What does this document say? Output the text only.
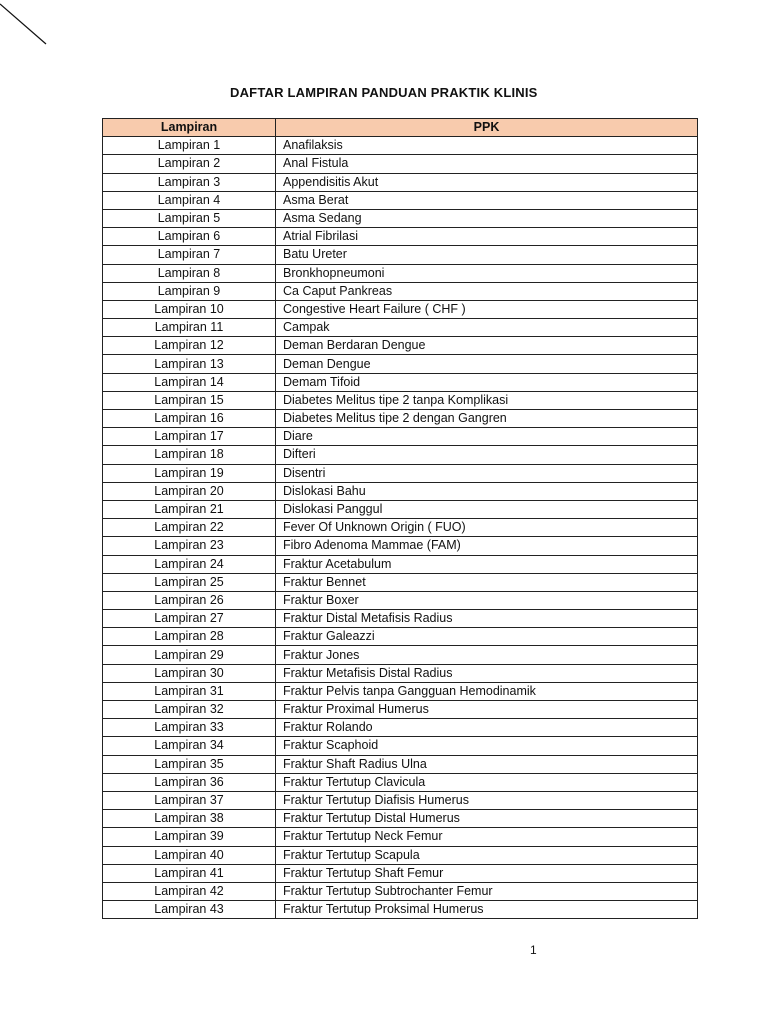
DAFTAR LAMPIRAN PANDUAN PRAKTIK KLINIS
Lampiran	PPK
Lampiran 1	Anafilaksis
Lampiran 2	Anal Fistula
Lampiran 3	Appendisitis Akut
Lampiran 4	Asma Berat
Lampiran 5	Asma Sedang
Lampiran 6	Atrial Fibrilasi
Lampiran 7	Batu Ureter
Lampiran 8	Bronkhopneumoni
Lampiran 9	Ca Caput Pankreas
Lampiran 10	Congestive Heart Failure ( CHF )
Lampiran 11	Campak
Lampiran 12	Deman Berdaran Dengue
Lampiran 13	Deman Dengue
Lampiran 14	Demam Tifoid
Lampiran 15	Diabetes Melitus tipe 2 tanpa Komplikasi
Lampiran 16	Diabetes Melitus tipe 2 dengan Gangren
Lampiran 17	Diare
Lampiran 18	Difteri
Lampiran 19	Disentri
Lampiran 20	Dislokasi Bahu
Lampiran 21	Dislokasi Panggul
Lampiran 22	Fever Of Unknown Origin ( FUO)
Lampiran 23	Fibro Adenoma Mammae (FAM)
Lampiran 24	Fraktur Acetabulum
Lampiran 25	Fraktur Bennet
Lampiran 26	Fraktur Boxer
Lampiran 27	Fraktur Distal Metafisis Radius
Lampiran 28	Fraktur Galeazzi
Lampiran 29	Fraktur Jones
Lampiran 30	Fraktur Metafisis Distal Radius
Lampiran 31	Fraktur Pelvis tanpa Gangguan Hemodinamik
Lampiran 32	Fraktur Proximal Humerus
Lampiran 33	Fraktur Rolando
Lampiran 34	Fraktur Scaphoid
Lampiran 35	Fraktur Shaft Radius Ulna
Lampiran 36	Fraktur Tertutup Clavicula
Lampiran 37	Fraktur Tertutup Diafisis Humerus
Lampiran 38	Fraktur Tertutup Distal Humerus
Lampiran 39	Fraktur Tertutup Neck Femur
Lampiran 40	Fraktur Tertutup Scapula
Lampiran 41	Fraktur Tertutup Shaft Femur
Lampiran 42	Fraktur Tertutup Subtrochanter Femur
Lampiran 43	Fraktur Tertutup Proksimal Humerus
1
